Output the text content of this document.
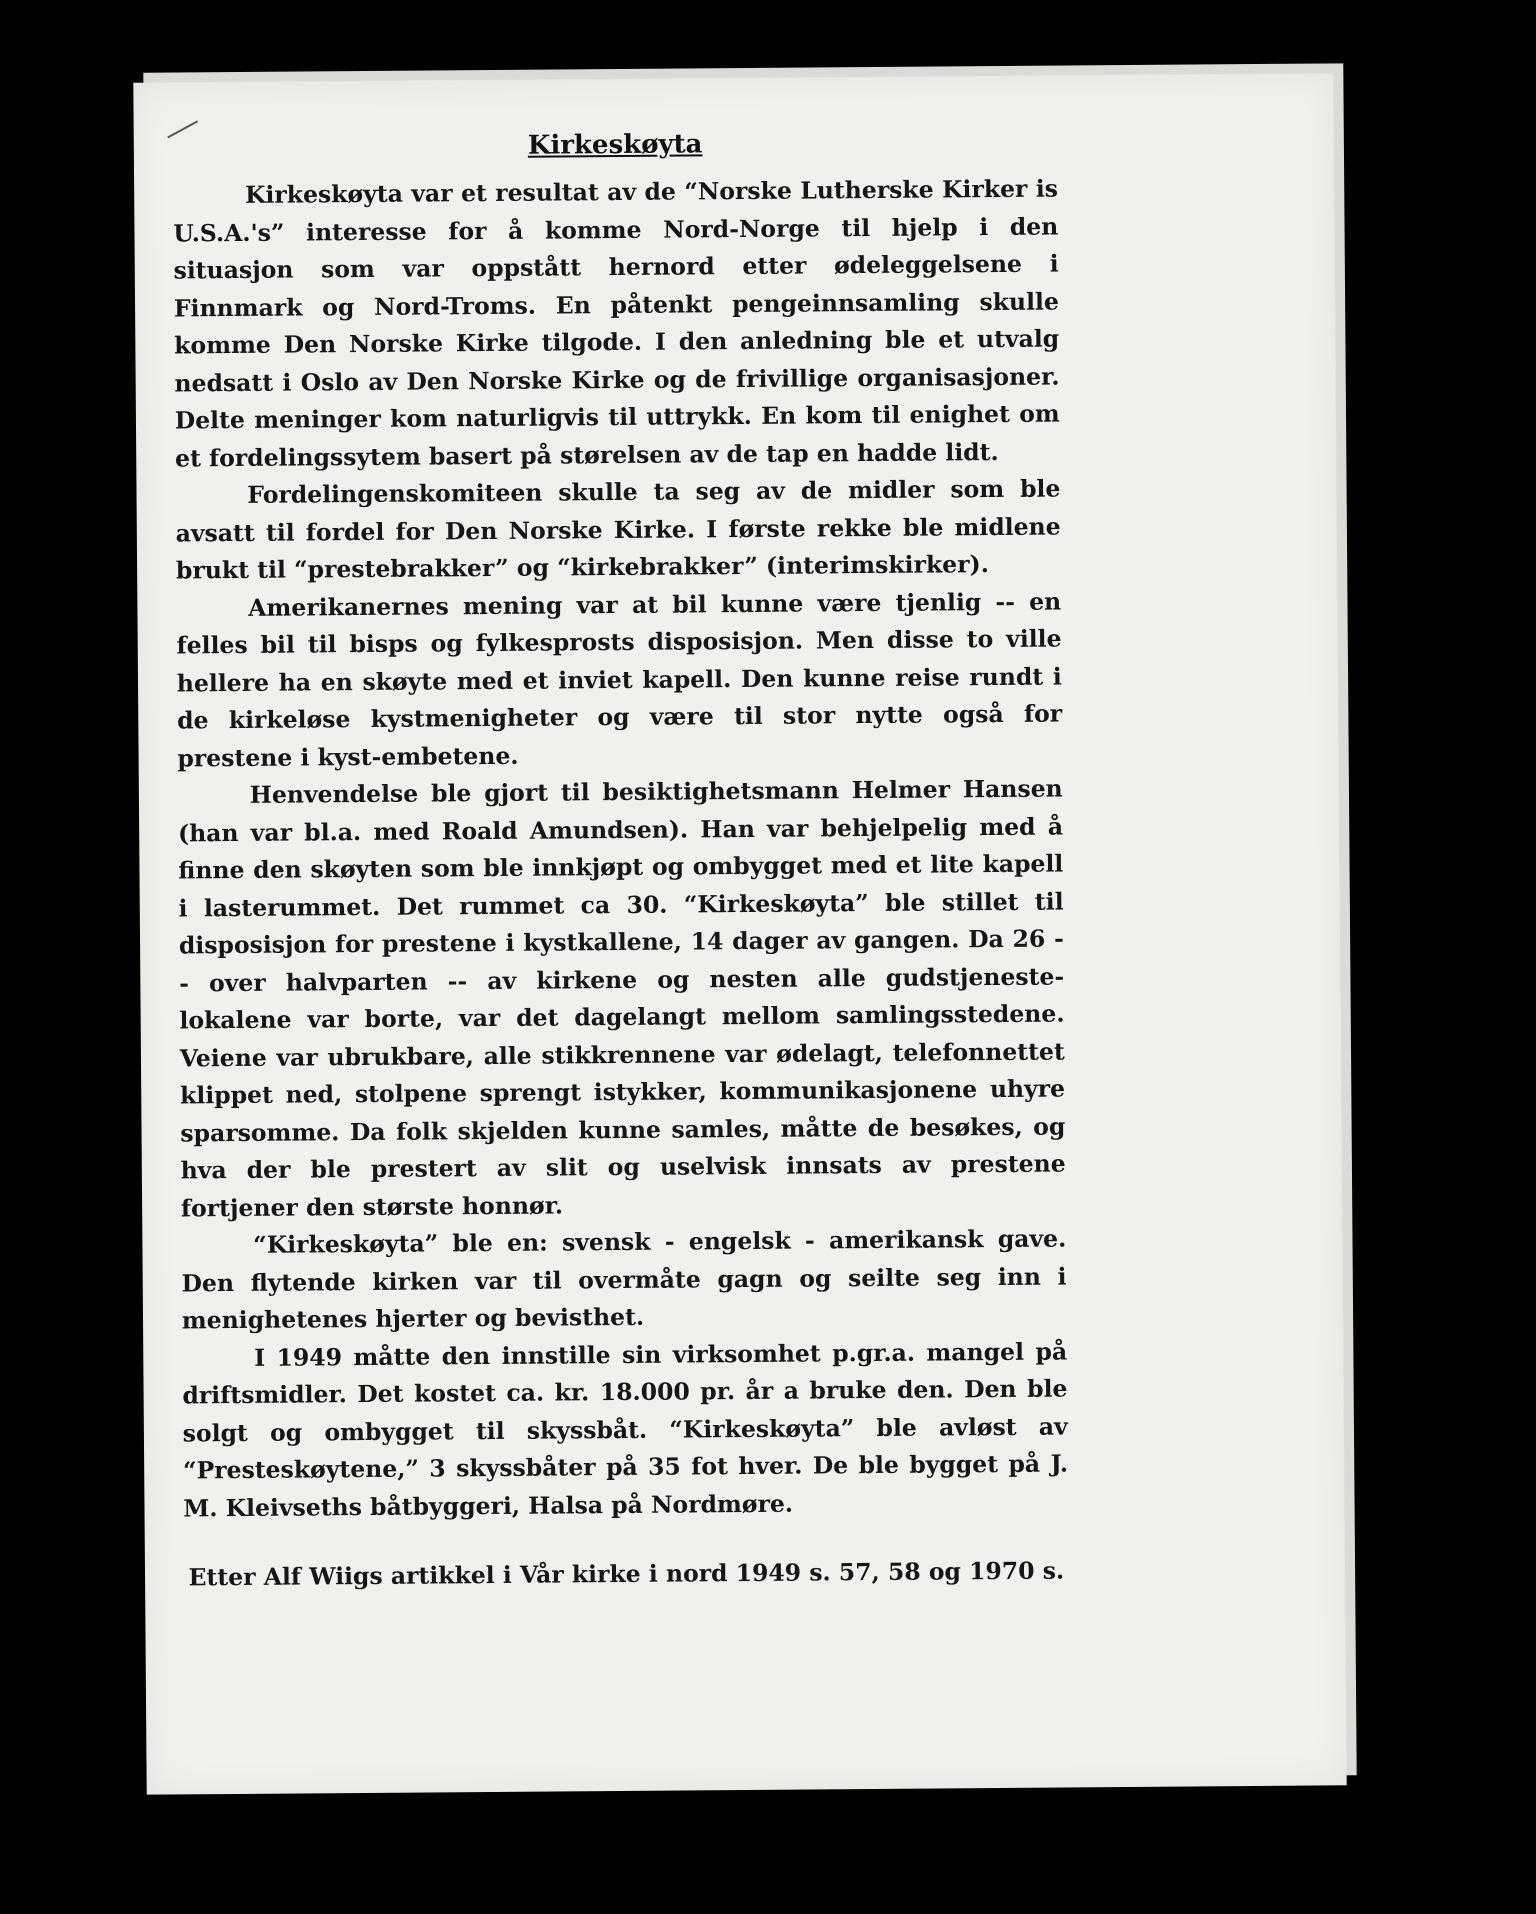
Kirkeskøyta

Kirkeskøyta var et resultat av de “Norske Lutherske Kirker is U.S.A.'s” interesse for å komme Nord-Norge til hjelp i den situasjon som var oppstått hernord etter ødeleggelsene i Finnmark og Nord-Troms. En påtenkt pengeinnsamling skulle komme Den Norske Kirke tilgode. I den anledning ble et utvalg nedsatt i Oslo av Den Norske Kirke og de frivillige organisasjoner. Delte meninger kom naturligvis til uttrykk. En kom til enighet om et fordelingssytem basert på størelsen av de tap en hadde lidt.

Fordelingenskomiteen skulle ta seg av de midler som ble avsatt til fordel for Den Norske Kirke. I første rekke ble midlene brukt til “prestebrakker” og “kirkebrakker” (interimskirker).

Amerikanernes mening var at bil kunne være tjenlig -- en felles bil til bisps og fylkesprosts disposisjon. Men disse to ville hellere ha en skøyte med et inviet kapell. Den kunne reise rundt i de kirkeløse kystmenigheter og være til stor nytte også for prestene i kyst-embetene.

Henvendelse ble gjort til besiktighetsmann Helmer Hansen (han var bl.a. med Roald Amundsen). Han var behjelpelig med å finne den skøyten som ble innkjøpt og ombygget med et lite kapell i lasterummet. Det rummet ca 30. “Kirkeskøyta” ble stillet til disposisjon for prestene i kystkallene, 14 dager av gangen. Da 26 -- over halvparten -- av kirkene og nesten alle gudstjeneste-lokalene var borte, var det dagelangt mellom samlingsstedene. Veiene var ubrukbare, alle stikkrennene var ødelagt, telefonnettet klippet ned, stolpene sprengt istykker, kommunikasjonene uhyre sparsomme. Da folk skjelden kunne samles, måtte de besøkes, og hva der ble prestert av slit og uselvisk innsats av prestene fortjener den største honnør.

“Kirkeskøyta” ble en: svensk - engelsk - amerikansk gave. Den flytende kirken var til overmåte gagn og seilte seg inn i menighetenes hjerter og bevisthet.

I 1949 måtte den innstille sin virksomhet p.gr.a. mangel på driftsmidler. Det kostet ca. kr. 18.000 pr. år a bruke den. Den ble solgt og ombygget til skyssbåt. “Kirkeskøyta” ble avløst av “Presteskøytene,” 3 skyssbåter på 35 fot hver. De ble bygget på J. M. Kleivseths båtbyggeri, Halsa på Nordmøre.

Etter Alf Wiigs artikkel i Vår kirke i nord 1949 s. 57, 58 og 1970 s.
